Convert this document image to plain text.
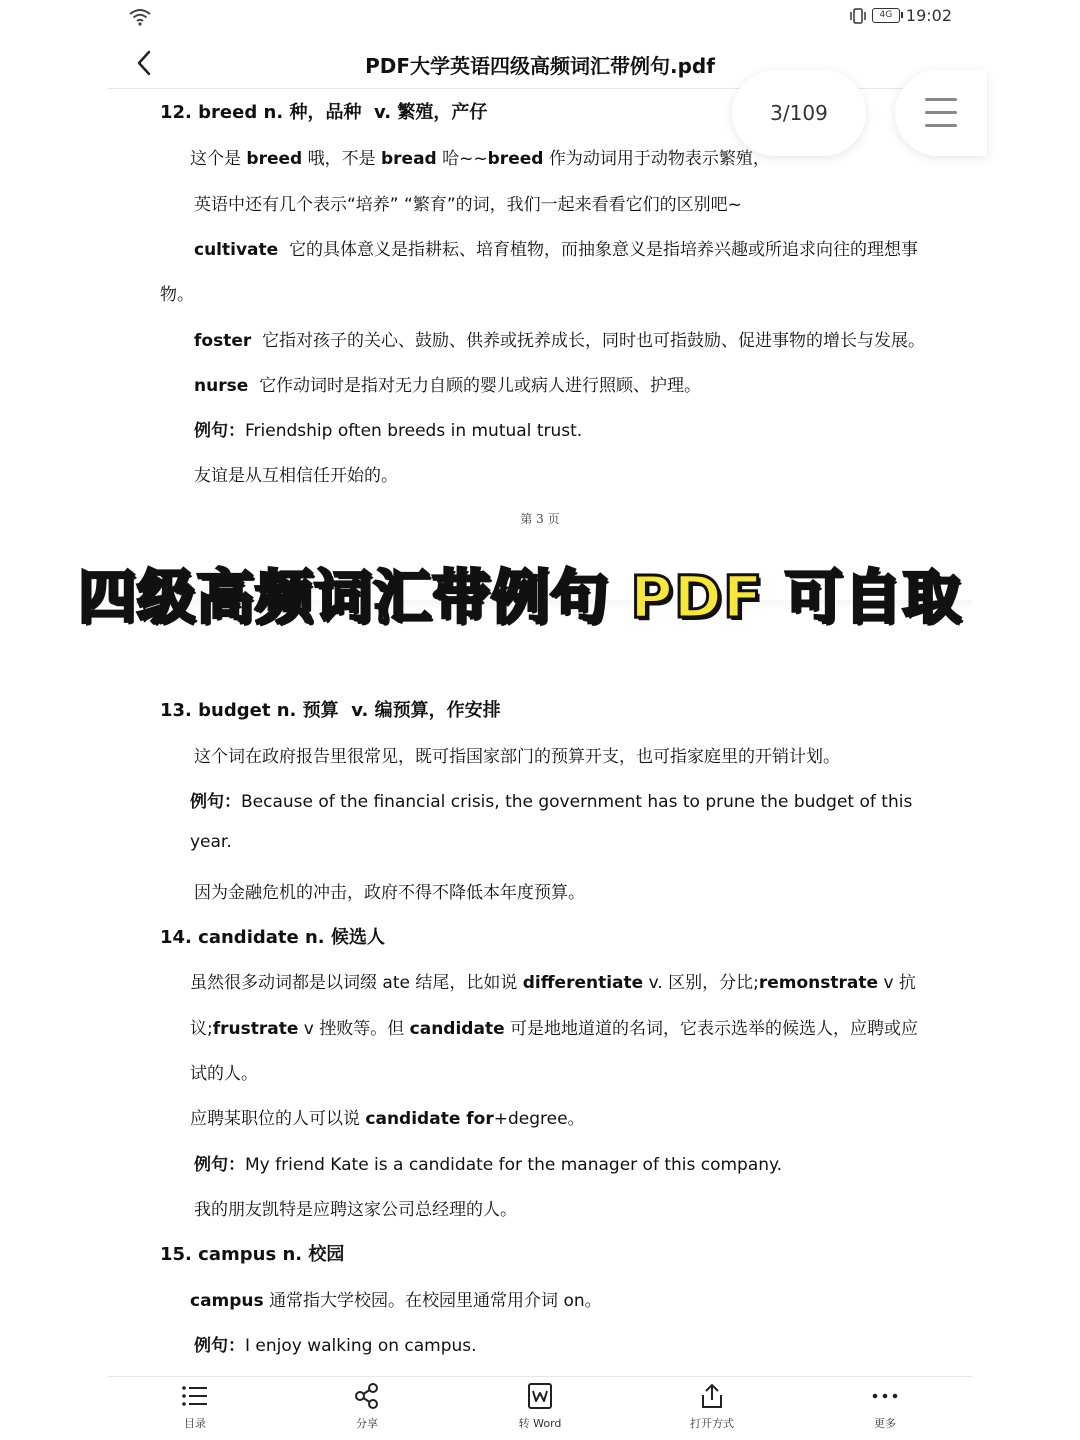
4G 19:02
PDF大学英语四级高频词汇带例句.pdf
3/109
12. breed n. 种，品种 v. 繁殖，产仔
这个是 breed 哦，不是 bread 哈~~breed 作为动词用于动物表示繁殖，
英语中还有几个表示“培养” “繁育”的词，我们一起来看看它们的区别吧~
cultivate 它的具体意义是指耕耘、培育植物，而抽象意义是指培养兴趣或所追求向往的理想事
物。
foster 它指对孩子的关心、鼓励、供养或抚养成长，同时也可指鼓励、促进事物的增长与发展。
nurse 它作动词时是指对无力自顾的婴儿或病人进行照顾、护理。
例句：Friendship often breeds in mutual trust.
友谊是从互相信任开始的。
第 3 页
13. budget n. 预算 v. 编预算，作安排
这个词在政府报告里很常见，既可指国家部门的预算开支，也可指家庭里的开销计划。
例句：Because of the financial crisis, the government has to prune the budget of this
year.
因为金融危机的冲击，政府不得不降低本年度预算。
14. candidate n. 候选人
虽然很多动词都是以词缀 ate 结尾，比如说 differentiate v. 区别，分比;remonstrate v 抗
议;frustrate v 挫败等。但 candidate 可是地地道道的名词，它表示选举的候选人，应聘或应
试的人。
应聘某职位的人可以说 candidate for+degree。
例句：My friend Kate is a candidate for the manager of this company.
我的朋友凯特是应聘这家公司总经理的人。
15. campus n. 校园
campus 通常指大学校园。在校园里通常用介词 on。
例句：I enjoy walking on campus.
四级高频词汇带例句 PDF 可自取
目录	分享	转 Word	打开方式	更多
